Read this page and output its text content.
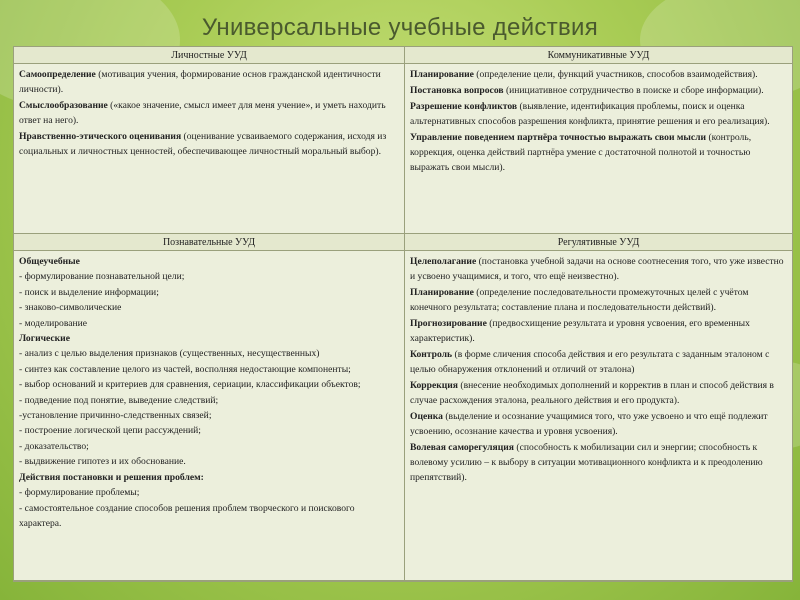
Универсальные учебные действия
Личностные УУД	Коммуникативные УУД

Самоопределение (мотивация учения, формирование основ гражданской идентичности личности).

Смыслообразование («какое значение, смысл имеет для меня учение», и уметь находить ответ на него).

Нравственно-этического оценивания (оценивание усваиваемого содержания, исходя из социальных и личностных ценностей, обеспечивающее личностный моральный выбор).

Планирование (определение цели, функций участников, способов взаимодействия).

Постановка вопросов (инициативное сотрудничество в поиске и сборе информации).

Разрешение конфликтов (выявление, идентификация проблемы, поиск и оценка альтернативных способов разрешения конфликта, принятие решения и его реализация).

Управление поведением партнёра точностью выражать свои мысли (контроль, коррекция, оценка действий партнёра умение с достаточной полнотой и точностью выражать свои мысли).

Познавательные УУД	Регулятивные УУД
Общеучебные
- формулирование познавательной цели;
- поиск и выделение информации;
- знаково-символические
- моделирование
Логические
- анализ с целью выделения признаков (существенных, несущественных)
- синтез как составление целого из частей, восполняя недостающие компоненты;
- выбор оснований и критериев для сравнения, сериации, классификации объектов;
- подведение под понятие, выведение следствий;
-установление причинно-следственных связей;
- построение логической цепи рассуждений;
- доказательство;
- выдвижение гипотез и их обоснование.
Действия постановки и решения проблем:
- формулирование проблемы;
- самостоятельное создание способов решения проблем творческого и поискового характера.

Целеполагание (постановка учебной задачи на основе соотнесения того, что уже известно и усвоено учащимися, и того, что ещё неизвестно).

Планирование (определение последовательности промежуточных целей с учётом конечного результата; составление плана и последовательности действий).

Прогнозирование (предвосхищение результата и уровня усвоения, его временных характеристик).

Контроль (в форме сличения способа действия и его результата с заданным эталоном с целью обнаружения отклонений и отличий от эталона)

Коррекция (внесение необходимых дополнений и корректив в план и способ действия в случае расхождения эталона, реального действия и его продукта).

Оценка (выделение и осознание учащимися того, что уже усвоено и что ещё подлежит усвоению, осознание качества и уровня усвоения).

Волевая саморегуляция (способность к мобилизации сил и энергии; способность к волевому усилию – к выбору в ситуации мотивационного конфликта и к преодолению препятствий).
